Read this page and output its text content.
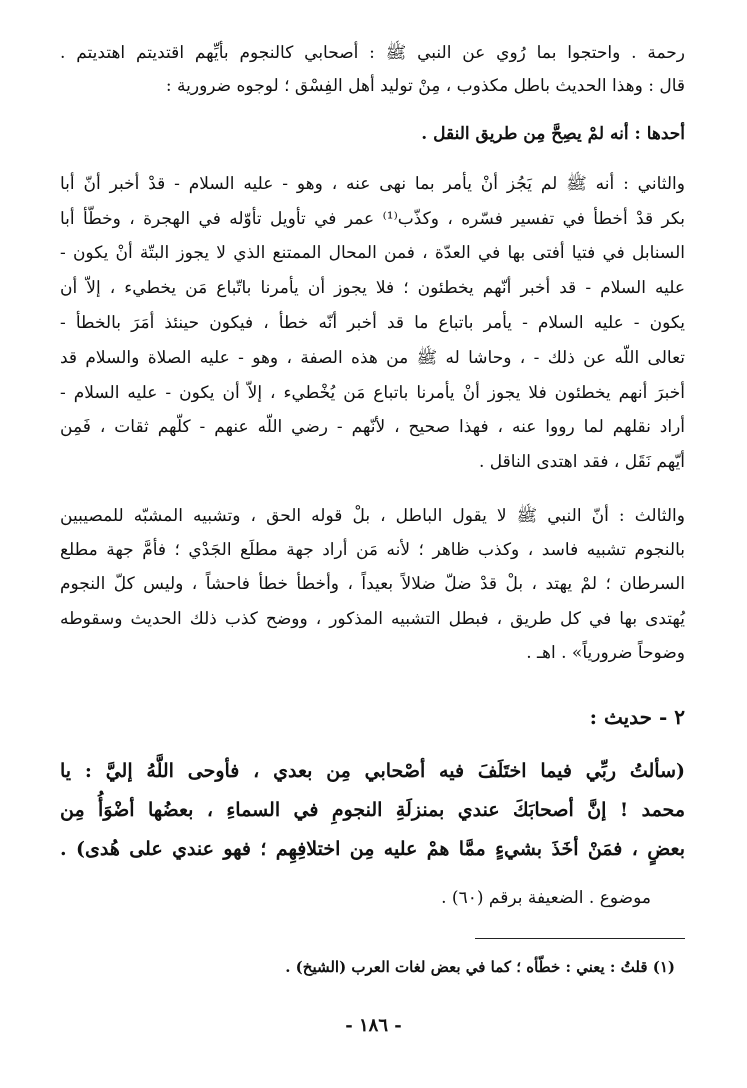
رحمة . واحتجوا بما رُوي عن النبي ﷺ : أصحابي كالنجوم بأيِّهم اقتديتم اهتديتم .
قال : وهذا الحديث باطل مكذوب ، مِنْ توليد أهل الفِسْق ؛ لوجوه ضرورية :
أحدها : أنه لمْ يصِحَّ مِن طريق النقل .
والثاني : أنه ﷺ لم يَجُز أنْ يأمر بما نهى عنه ، وهو - عليه السلام - قدْ أخبر أنّ أبا
بكر قدْ أخطأ في تفسير فسّره ، وكذّب⁽¹⁾ عمر في تأويل تأوّله في الهجرة ، وخطّأ أبا
السنابل في فتيا أفتى بها في العدّة ، فمن المحال الممتنع الذي لا يجوز البتّة أنْ يكون -
عليه السلام - قد أخبر أنّهم يخطئون ؛ فلا يجوز أن يأمرنا باتّباع مَن يخطيء ، إلاّ أن
يكون - عليه السلام - يأمر باتباع ما قد أخبر أنّه خطأ ، فيكون حينئذ أمَرَ بالخطأ -
تعالى اللّه عن ذلك - ، وحاشا له ﷺ من هذه الصفة ، وهو - عليه الصلاة والسلام قد
أخبرَ أنهم يخطئون فلا يجوز أنْ يأمرنا باتباع مَن يُخْطيء ، إلاّ أن يكون - عليه السلام -
أراد نقلهم لما رووا عنه ، فهذا صحيح ، لأنّهم - رضي اللّه عنهم - كلّهم ثقات ، فَمِن
أيّهم نَقَل ، فقد اهتدى الناقل .
والثالث : أنّ النبي ﷺ لا يقول الباطل ، بلْ قوله الحق ، وتشبيه المشبّه للمصيبين
بالنجوم تشبيه فاسد ، وكذب ظاهر ؛ لأنه مَن أراد جهة مطلَع الجَدْي ؛ فأمَّ جهة مطلع
السرطان ؛ لمْ يهتد ، بلْ قدْ ضلّ ضلالاً بعيداً ، وأخطأ خطأ فاحشاً ، وليس كلّ النجوم
يُهتدى بها في كل طريق ، فبطل التشبيه المذكور ، ووضح كذب ذلك الحديث وسقوطه
وضوحاً ضرورياً» . اهـ .
٢ - حديث :
(سألتُ ربِّي فيما اختَلَفَ فيه أصْحابي مِن بعدي ، فأوحى اللَّهُ إليَّ : يا
محمد ! إنَّ أصحابَكَ عندي بمنزلَةِ النجومِ في السماءِ ، بعضُها أضْوَأُ مِن
بعضٍ ، فمَنْ أخَذَ بشيءٍ ممَّا همْ عليه مِن اختلافِهِم ؛ فهو عندي على هُدى) .
موضوع . الضعيفة برقم (٦٠) .
(١) قلتُ : يعني : خطّأه ؛ كما في بعض لغات العرب (الشيخ) .
- ١٨٦ -
